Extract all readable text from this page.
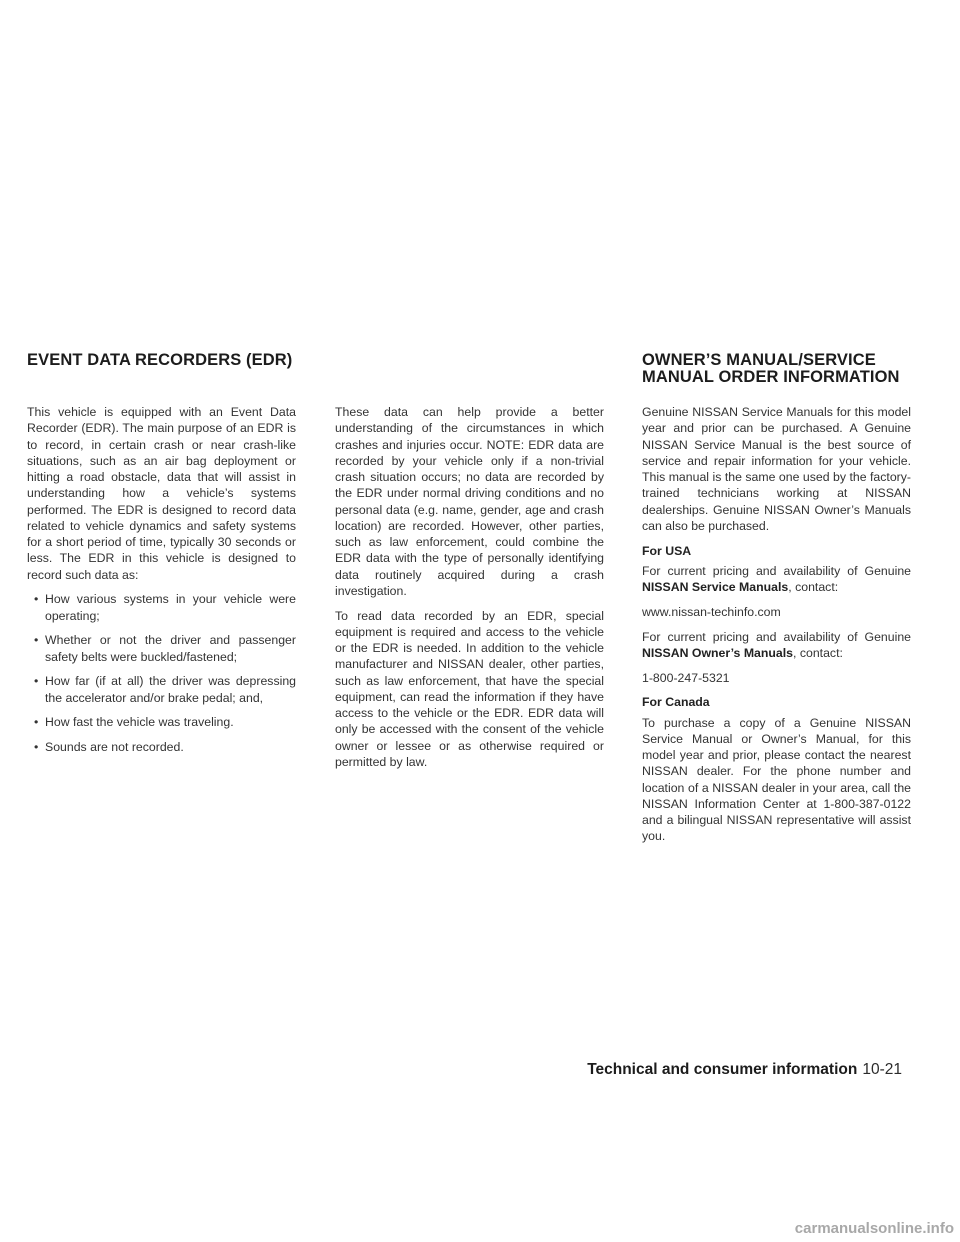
EVENT DATA RECORDERS (EDR)	OWNER’S MANUAL/SERVICE
MANUAL ORDER INFORMATION

This vehicle is equipped with an Event Data Recorder (EDR). The main purpose of an EDR is to record, in certain crash or near crash-like situations, such as an air bag deployment or hitting a road obstacle, data that will assist in understanding how a vehicle’s systems performed. The EDR is designed to record data related to vehicle dynamics and safety systems for a short period of time, typically 30 seconds or less. The EDR in this vehicle is designed to record such data as:

• How various systems in your vehicle were operating;
• Whether or not the driver and passenger safety belts were buckled/fastened;
• How far (if at all) the driver was depressing the accelerator and/or brake pedal; and,
• How fast the vehicle was traveling.
• Sounds are not recorded.

These data can help provide a better understanding of the circumstances in which crashes and injuries occur. NOTE: EDR data are recorded by your vehicle only if a non-trivial crash situation occurs; no data are recorded by the EDR under normal driving conditions and no personal data (e.g. name, gender, age and crash location) are recorded. However, other parties, such as law enforcement, could combine the EDR data with the type of personally identifying data routinely acquired during a crash investigation.

To read data recorded by an EDR, special equipment is required and access to the vehicle or the EDR is needed. In addition to the vehicle manufacturer and NISSAN dealer, other parties, such as law enforcement, that have the special equipment, can read the information if they have access to the vehicle or the EDR. EDR data will only be accessed with the consent of the vehicle owner or lessee or as otherwise required or permitted by law.

Genuine NISSAN Service Manuals for this model year and prior can be purchased. A Genuine NISSAN Service Manual is the best source of service and repair information for your vehicle. This manual is the same one used by the factory-trained technicians working at NISSAN dealerships. Genuine NISSAN Owner’s Manuals can also be purchased.

For USA

For current pricing and availability of Genuine NISSAN Service Manuals, contact:

www.nissan-techinfo.com

For current pricing and availability of Genuine NISSAN Owner’s Manuals, contact:

1-800-247-5321

For Canada

To purchase a copy of a Genuine NISSAN Service Manual or Owner’s Manual, for this model year and prior, please contact the nearest NISSAN dealer. For the phone number and location of a NISSAN dealer in your area, call the NISSAN Information Center at 1-800-387-0122 and a bilingual NISSAN representative will assist you.

Technical and consumer information 10-21
carmanualsonline.info
